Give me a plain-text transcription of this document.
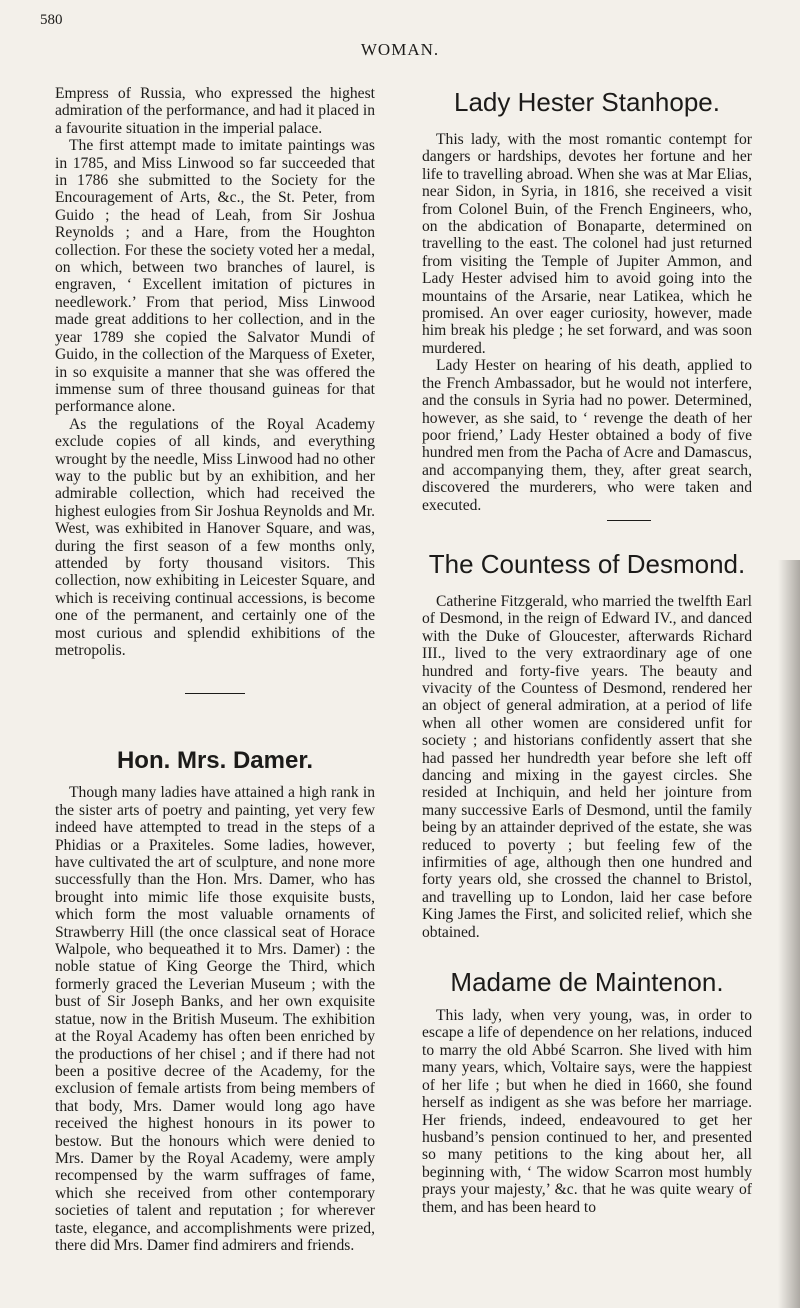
580
WOMAN.

Empress of Russia, who expressed the highest admiration of the performance, and had it placed in a favourite situation in the imperial palace.

The first attempt made to imitate paintings was in 1785, and Miss Linwood so far succeeded that in 1786 she submitted to the Society for the Encouragement of Arts, &c., the St. Peter, from Guido ; the head of Leah, from Sir Joshua Reynolds ; and a Hare, from the Houghton collection. For these the society voted her a medal, on which, between two branches of laurel, is engraven, ‘ Excellent imitation of pictures in needlework.’ From that period, Miss Linwood made great additions to her collection, and in the year 1789 she copied the Salvator Mundi of Guido, in the collection of the Marquess of Exeter, in so exquisite a manner that she was offered the immense sum of three thousand guineas for that performance alone.

As the regulations of the Royal Academy exclude copies of all kinds, and everything wrought by the needle, Miss Linwood had no other way to the public but by an exhibition, and her admirable collection, which had received the highest eulogies from Sir Joshua Reynolds and Mr. West, was exhibited in Hanover Square, and was, during the first season of a few months only, attended by forty thousand visitors. This collection, now exhibiting in Leicester Square, and which is receiving continual accessions, is become one of the permanent, and certainly one of the most curious and splendid exhibitions of the metropolis.

Hon. Mrs. Damer.

Though many ladies have attained a high rank in the sister arts of poetry and painting, yet very few indeed have attempted to tread in the steps of a Phidias or a Praxiteles. Some ladies, however, have cultivated the art of sculpture, and none more successfully than the Hon. Mrs. Damer, who has brought into mimic life those exquisite busts, which form the most valuable ornaments of Strawberry Hill (the once classical seat of Horace Walpole, who bequeathed it to Mrs. Damer) : the noble statue of King George the Third, which formerly graced the Leverian Museum ; with the bust of Sir Joseph Banks, and her own exquisite statue, now in the British Museum. The exhibition at the Royal Academy has often been enriched by the productions of her chisel ; and if there had not been a positive decree of the Academy, for the exclusion of female artists from being members of that body, Mrs. Damer would long ago have received the highest honours in its power to bestow. But the honours which were denied to Mrs. Damer by the Royal Academy, were amply recompensed by the warm suffrages of fame, which she received from other contemporary societies of talent and reputation ; for wherever taste, elegance, and accomplishments were prized, there did Mrs. Damer find admirers and friends.

Lady Hester Stanhope.

This lady, with the most romantic contempt for dangers or hardships, devotes her fortune and her life to travelling abroad. When she was at Mar Elias, near Sidon, in Syria, in 1816, she received a visit from Colonel Buin, of the French Engineers, who, on the abdication of Bonaparte, determined on travelling to the east. The colonel had just returned from visiting the Temple of Jupiter Ammon, and Lady Hester advised him to avoid going into the mountains of the Arsarie, near Latikea, which he promised. An over eager curiosity, however, made him break his pledge ; he set forward, and was soon murdered.

Lady Hester on hearing of his death, applied to the French Ambassador, but he would not interfere, and the consuls in Syria had no power. Determined, however, as she said, to ‘ revenge the death of her poor friend,’ Lady Hester obtained a body of five hundred men from the Pacha of Acre and Damascus, and accompanying them, they, after great search, discovered the murderers, who were taken and executed.

The Countess of Desmond.

Catherine Fitzgerald, who married the twelfth Earl of Desmond, in the reign of Edward IV., and danced with the Duke of Gloucester, afterwards Richard III., lived to the very extraordinary age of one hundred and forty-five years. The beauty and vivacity of the Countess of Desmond, rendered her an object of general admiration, at a period of life when all other women are considered unfit for society ; and historians confidently assert that she had passed her hundredth year before she left off dancing and mixing in the gayest circles. She resided at Inchiquin, and held her jointure from many successive Earls of Desmond, until the family being by an attainder deprived of the estate, she was reduced to poverty ; but feeling few of the infirmities of age, although then one hundred and forty years old, she crossed the channel to Bristol, and travelling up to London, laid her case before King James the First, and solicited relief, which she obtained.

Madame de Maintenon.

This lady, when very young, was, in order to escape a life of dependence on her relations, induced to marry the old Abbé Scarron. She lived with him many years, which, Voltaire says, were the happiest of her life ; but when he died in 1660, she found herself as indigent as she was before her marriage. Her friends, indeed, endeavoured to get her husband’s pension continued to her, and presented so many petitions to the king about her, all beginning with, ‘ The widow Scarron most humbly prays your majesty,’ &c. that he was quite weary of them, and has been heard to
